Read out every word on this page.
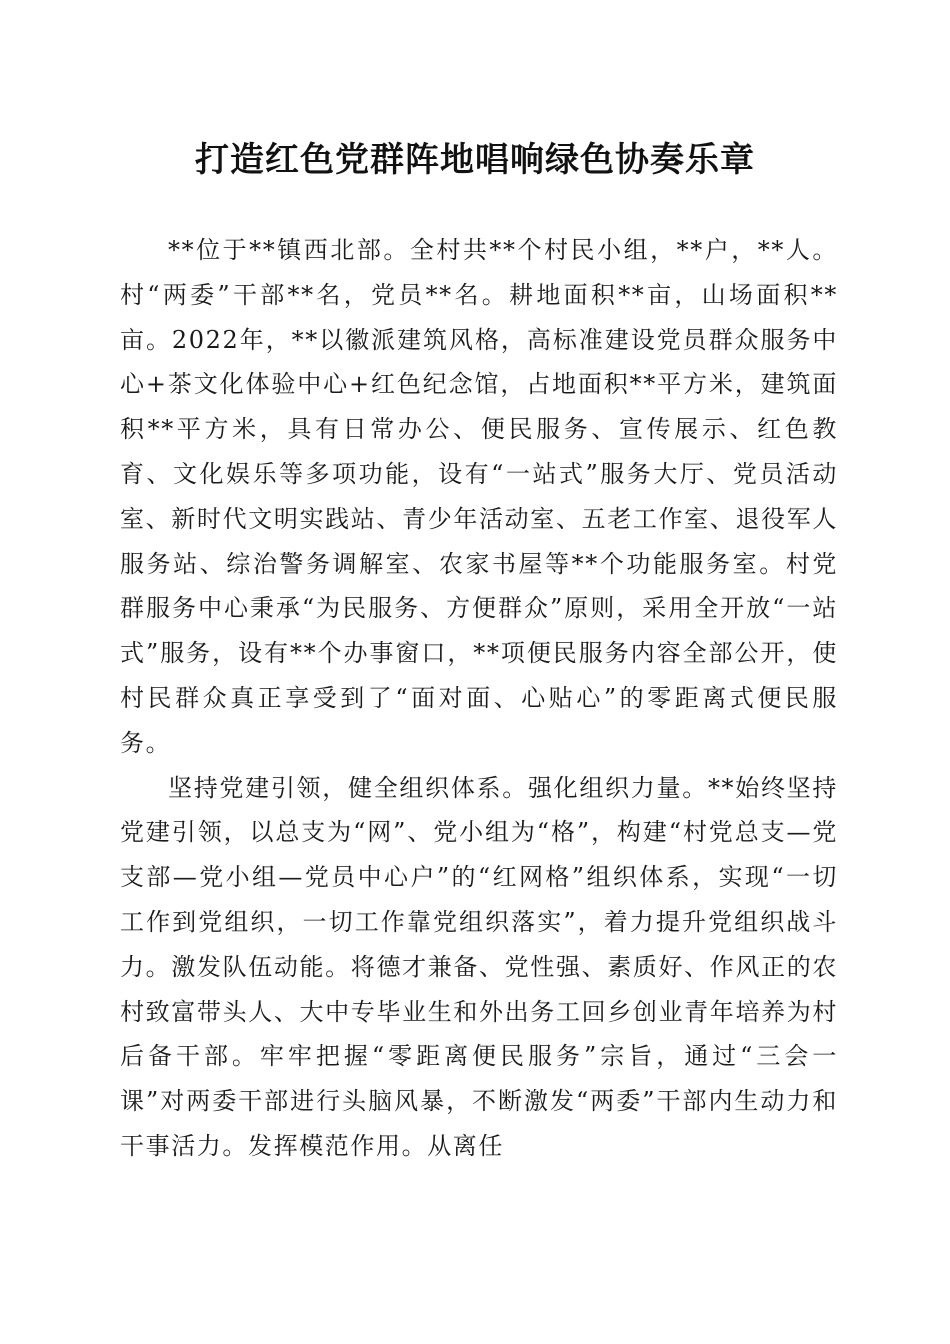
打造红色党群阵地唱响绿色协奏乐章

**位于**镇西北部。全村共**个村民小组，**户，**人。村“两委”干部**名，党员**名。耕地面积**亩，山场面积**亩。2022年，**以徽派建筑风格，高标准建设党员群众服务中心+茶文化体验中心+红色纪念馆，占地面积**平方米，建筑面积**平方米，具有日常办公、便民服务、宣传展示、红色教育、文化娱乐等多项功能，设有“一站式”服务大厅、党员活动室、新时代文明实践站、青少年活动室、五老工作室、退役军人服务站、综治警务调解室、农家书屋等**个功能服务室。村党群服务中心秉承“为民服务、方便群众”原则，采用全开放“一站式”服务，设有**个办事窗口，**项便民服务内容全部公开，使村民群众真正享受到了“面对面、心贴心”的零距离式便民服务。

坚持党建引领，健全组织体系。强化组织力量。**始终坚持党建引领，以总支为“网”、党小组为“格”，构建“村党总支—党支部—党小组—党员中心户”的“红网格”组织体系，实现“一切工作到党组织，一切工作靠党组织落实”，着力提升党组织战斗力。激发队伍动能。将德才兼备、党性强、素质好、作风正的农村致富带头人、大中专毕业生和外出务工回乡创业青年培养为村后备干部。牢牢把握“零距离便民服务”宗旨，通过“三会一课”对两委干部进行头脑风暴，不断激发“两委”干部内生动力和干事活力。发挥模范作用。从离任
